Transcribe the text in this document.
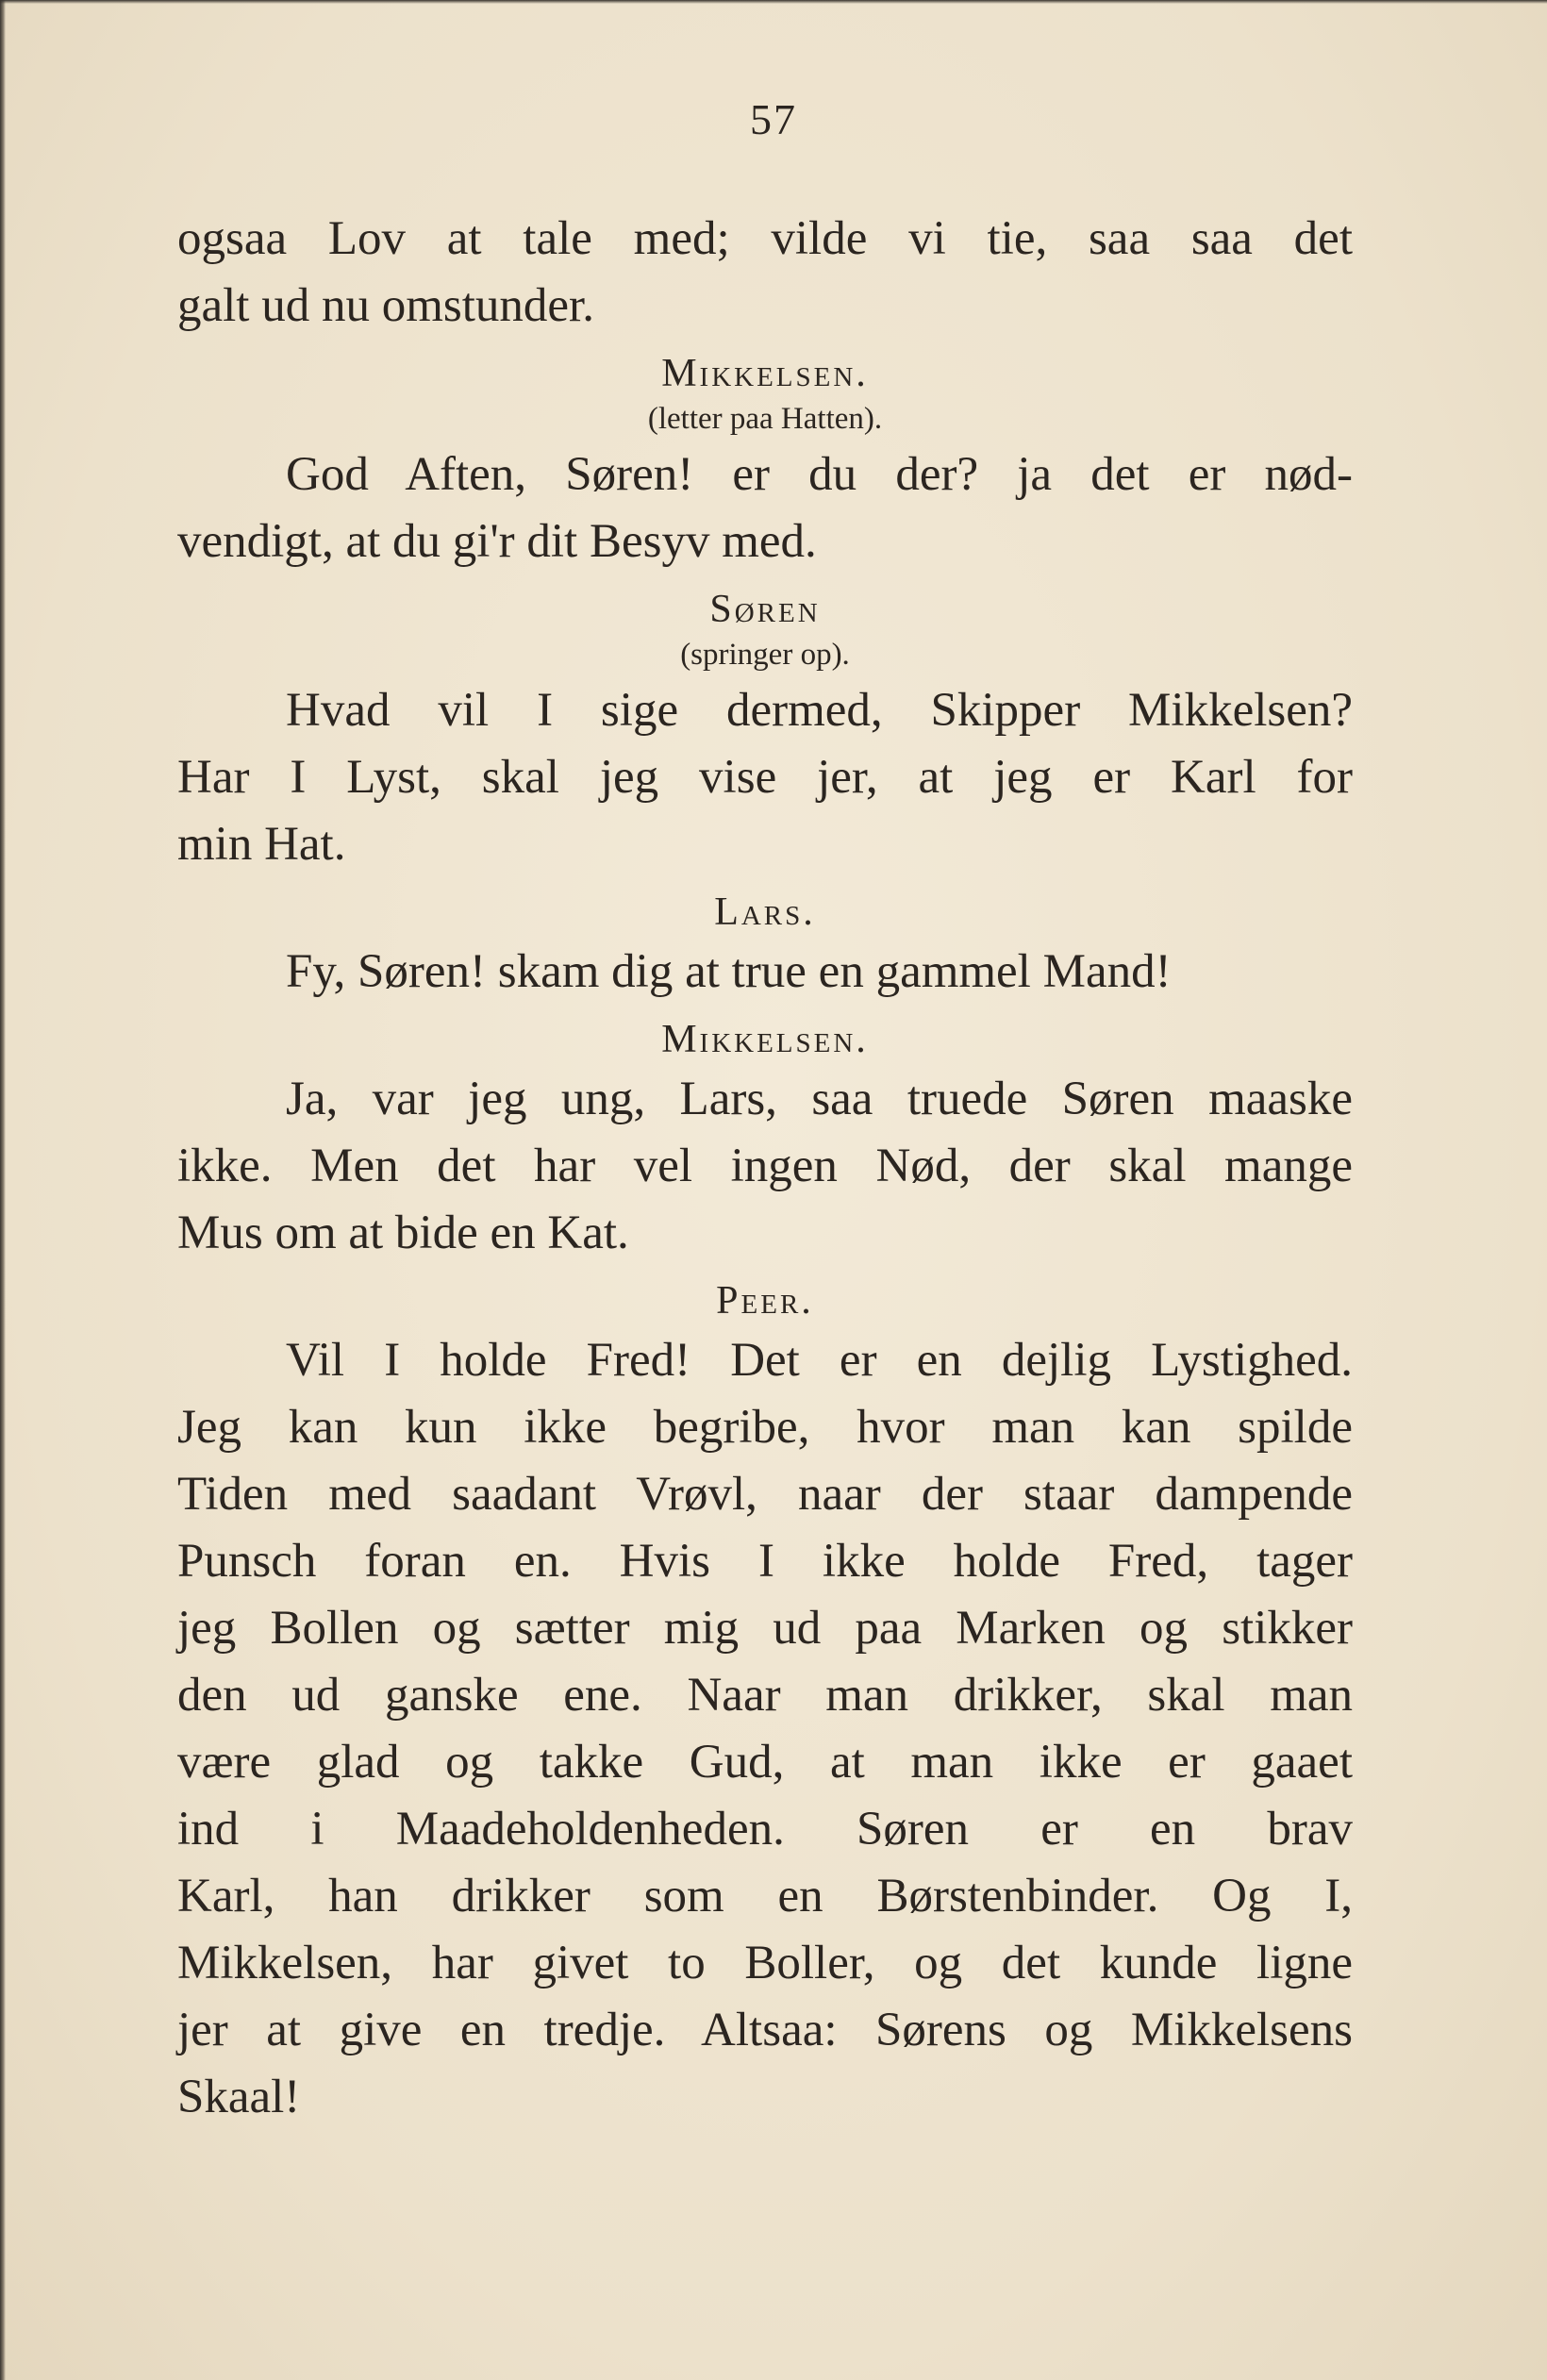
57
ogsaa Lov at tale med; vilde vi tie, saa saa det
galt ud nu omstunder.
Mikkelsen.
(letter paa Hatten).
God Aften, Søren! er du der? ja det er nød-
vendigt, at du gi'r dit Besyv med.
Søren
(springer op).
Hvad vil I sige dermed, Skipper Mikkelsen?
Har I Lyst, skal jeg vise jer, at jeg er Karl for
min Hat.
Lars.
Fy, Søren! skam dig at true en gammel Mand!
Mikkelsen.
Ja, var jeg ung, Lars, saa truede Søren maaske
ikke. Men det har vel ingen Nød, der skal mange
Mus om at bide en Kat.
Peer.
Vil I holde Fred! Det er en dejlig Lystighed.
Jeg kan kun ikke begribe, hvor man kan spilde
Tiden med saadant Vrøvl, naar der staar dampende
Punsch foran en. Hvis I ikke holde Fred, tager
jeg Bollen og sætter mig ud paa Marken og stikker
den ud ganske ene. Naar man drikker, skal man
være glad og takke Gud, at man ikke er gaaet
ind i Maadeholdenheden. Søren er en brav
Karl, han drikker som en Børstenbinder. Og I,
Mikkelsen, har givet to Boller, og det kunde ligne
jer at give en tredje. Altsaa: Sørens og Mikkelsens
Skaal!
